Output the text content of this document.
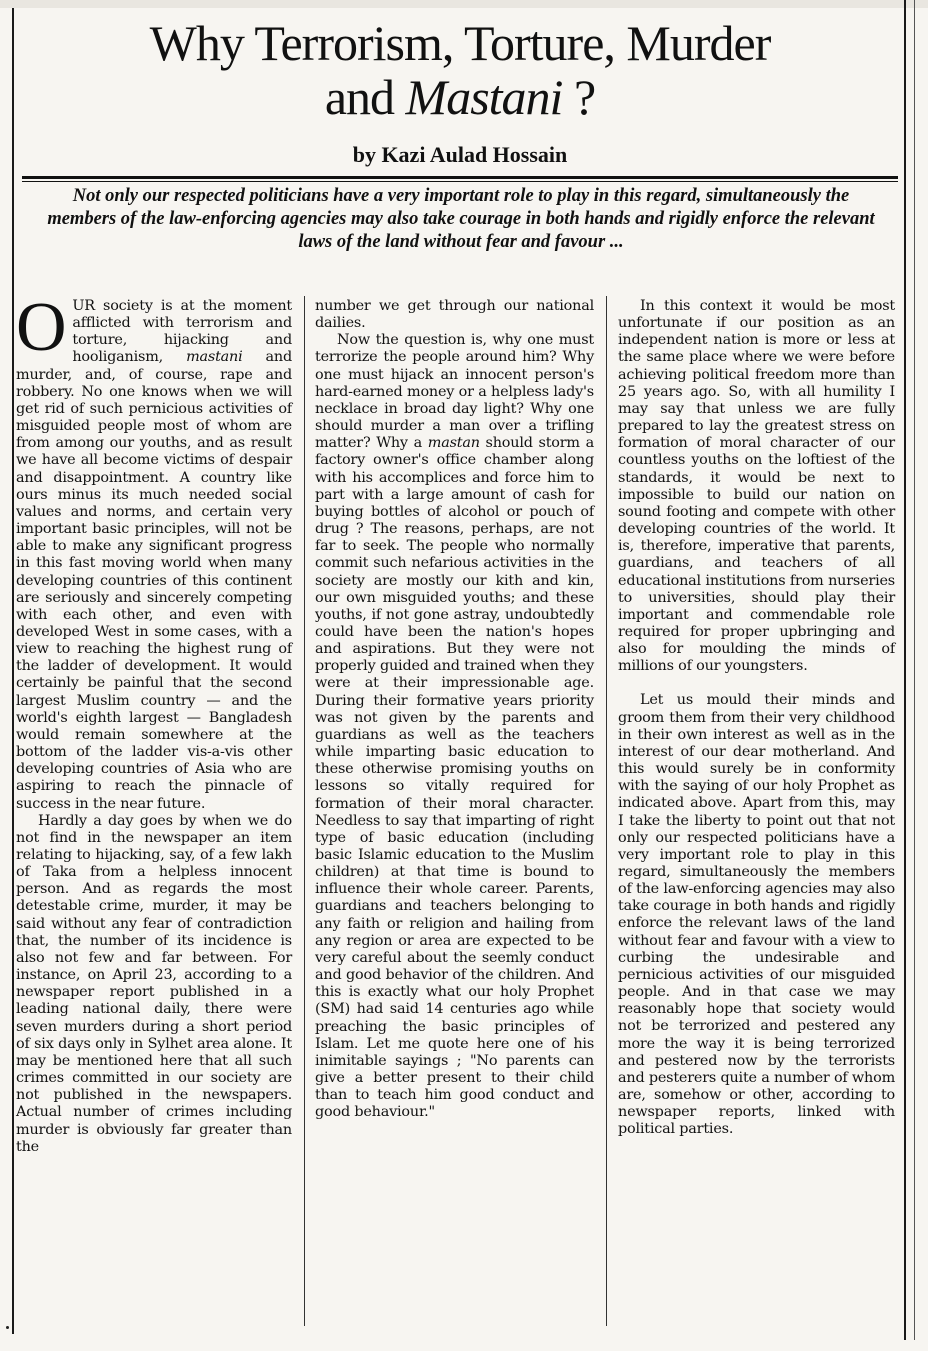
Why Terrorism, Torture, Murder
and Mastani ?
by Kazi Aulad Hossain
Not only our respected politicians have a very important role to play in this regard, simultaneously the members of the law-enforcing agencies may also take courage in both hands and rigidly enforce the relevant laws of the land without fear and favour ...

OUR society is at the moment afflicted with terrorism and torture, hijacking and hooliganism, mastani and murder, and, of course, rape and robbery. No one knows when we will get rid of such pernicious activities of misguided people most of whom are from among our youths, and as result we have all become victims of despair and disappointment. A country like ours minus its much needed social values and norms, and certain very important basic principles, will not be able to make any significant progress in this fast moving world when many developing countries of this continent are seriously and sincerely competing with each other, and even with developed West in some cases, with a view to reaching the highest rung of the ladder of development. It would certainly be painful that the second largest Muslim country — and the world's eighth largest — Bangladesh would remain somewhere at the bottom of the ladder vis-a-vis other developing countries of Asia who are aspiring to reach the pinnacle of success in the near future.

Hardly a day goes by when we do not find in the newspaper an item relating to hijacking, say, of a few lakh of Taka from a helpless innocent person. And as regards the most detestable crime, murder, it may be said without any fear of contradiction that, the number of its incidence is also not few and far between. For instance, on April 23, according to a newspaper report published in a leading national daily, there were seven murders during a short period of six days only in Sylhet area alone. It may be mentioned here that all such crimes committed in our society are not published in the newspapers. Actual number of crimes including murder is obviously far greater than the

number we get through our national dailies.

Now the question is, why one must terrorize the people around him? Why one must hijack an innocent person's hard-earned money or a helpless lady's necklace in broad day light? Why one should murder a man over a trifling matter? Why a mastan should storm a factory owner's office chamber along with his accomplices and force him to part with a large amount of cash for buying bottles of alcohol or pouch of drug ? The reasons, perhaps, are not far to seek. The people who normally commit such nefarious activities in the society are mostly our kith and kin, our own misguided youths; and these youths, if not gone astray, undoubtedly could have been the nation's hopes and aspirations. But they were not properly guided and trained when they were at their impressionable age. During their formative years priority was not given by the parents and guardians as well as the teachers while imparting basic education to these otherwise promising youths on lessons so vitally required for formation of their moral character. Needless to say that imparting of right type of basic education (including basic Islamic education to the Muslim children) at that time is bound to influence their whole career. Parents, guardians and teachers belonging to any faith or religion and hailing from any region or area are expected to be very careful about the seemly conduct and good behavior of the children. And this is exactly what our holy Prophet (SM) had said 14 centuries ago while preaching the basic principles of Islam. Let me quote here one of his inimitable sayings ; "No parents can give a better present to their child than to teach him good conduct and good behaviour."

In this context it would be most unfortunate if our position as an independent nation is more or less at the same place where we were before achieving political freedom more than 25 years ago. So, with all humility I may say that unless we are fully prepared to lay the greatest stress on formation of moral character of our countless youths on the loftiest of the standards, it would be next to impossible to build our nation on sound footing and compete with other developing countries of the world. It is, therefore, imperative that parents, guardians, and teachers of all educational institutions from nurseries to universities, should play their important and commendable role required for proper upbringing and also for moulding the minds of millions of our youngsters.

Let us mould their minds and groom them from their very childhood in their own interest as well as in the interest of our dear motherland. And this would surely be in conformity with the saying of our holy Prophet as indicated above. Apart from this, may I take the liberty to point out that not only our respected politicians have a very important role to play in this regard, simultaneously the members of the law-enforcing agencies may also take courage in both hands and rigidly enforce the relevant laws of the land without fear and favour with a view to curbing the undesirable and pernicious activities of our misguided people. And in that case we may reasonably hope that society would not be terrorized and pestered any more the way it is being terrorized and pestered now by the terrorists and pesterers quite a number of whom are, somehow or other, according to newspaper reports, linked with political parties.
